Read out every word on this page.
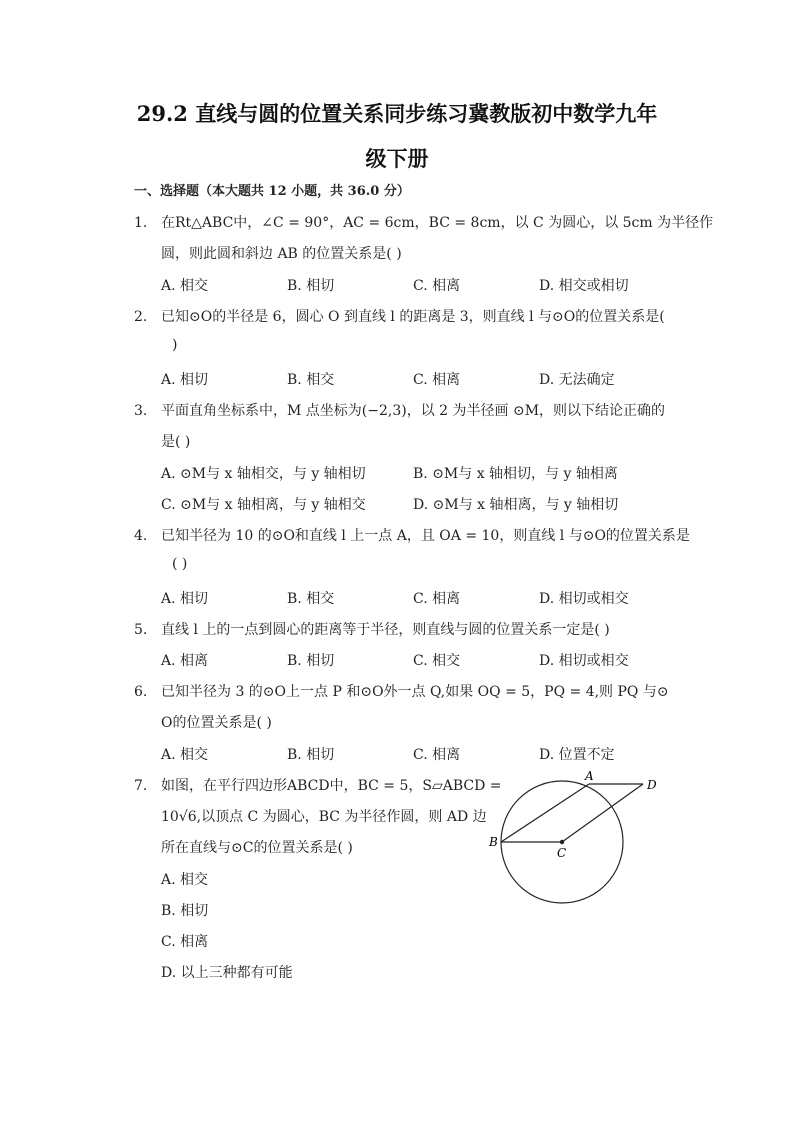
29.2 直线与圆的位置关系同步练习冀教版初中数学九年
级下册
一、选择题（本大题共 12 小题，共 36.0 分）
1. 在Rt△ABC中，∠C = 90°，AC = 6cm，BC = 8cm，以 C 为圆心，以 5cm 为半径作
圆，则此圆和斜边 AB 的位置关系是( )
A. 相交	B. 相切	C. 相离	D. 相交或相切
2. 已知⊙O的半径是 6，圆心 O 到直线 l 的距离是 3，则直线 l 与⊙O的位置关系是(
)
A. 相切	B. 相交	C. 相离	D. 无法确定
3. 平面直角坐标系中，M 点坐标为(−2,3)，以 2 为半径画 ⊙M，则以下结论正确的
是( )
A. ⊙M与 x 轴相交，与 y 轴相切	B. ⊙M与 x 轴相切，与 y 轴相离
C. ⊙M与 x 轴相离，与 y 轴相交	D. ⊙M与 x 轴相离，与 y 轴相切
4. 已知半径为 10 的⊙O和直线 l 上一点 A，且 OA = 10，则直线 l 与⊙O的位置关系是
( )
A. 相切	B. 相交	C. 相离	D. 相切或相交
5. 直线 l 上的一点到圆心的距离等于半径，则直线与圆的位置关系一定是( )
A. 相离	B. 相切	C. 相交	D. 相切或相交
6. 已知半径为 3 的⊙O上一点 P 和⊙O外一点 Q,如果 OQ = 5，PQ = 4,则 PQ 与⊙
O的位置关系是( )
A. 相交	B. 相切	C. 相离	D. 位置不定
7. 如图，在平行四边形ABCD中，BC = 5，S▱ABCD =
10√6,以顶点 C 为圆心，BC 为半径作圆，则 AD 边
所在直线与⊙C的位置关系是( )
A. 相交
B. 相切
C. 相离
D. 以上三种都有可能
A
D
B
C
